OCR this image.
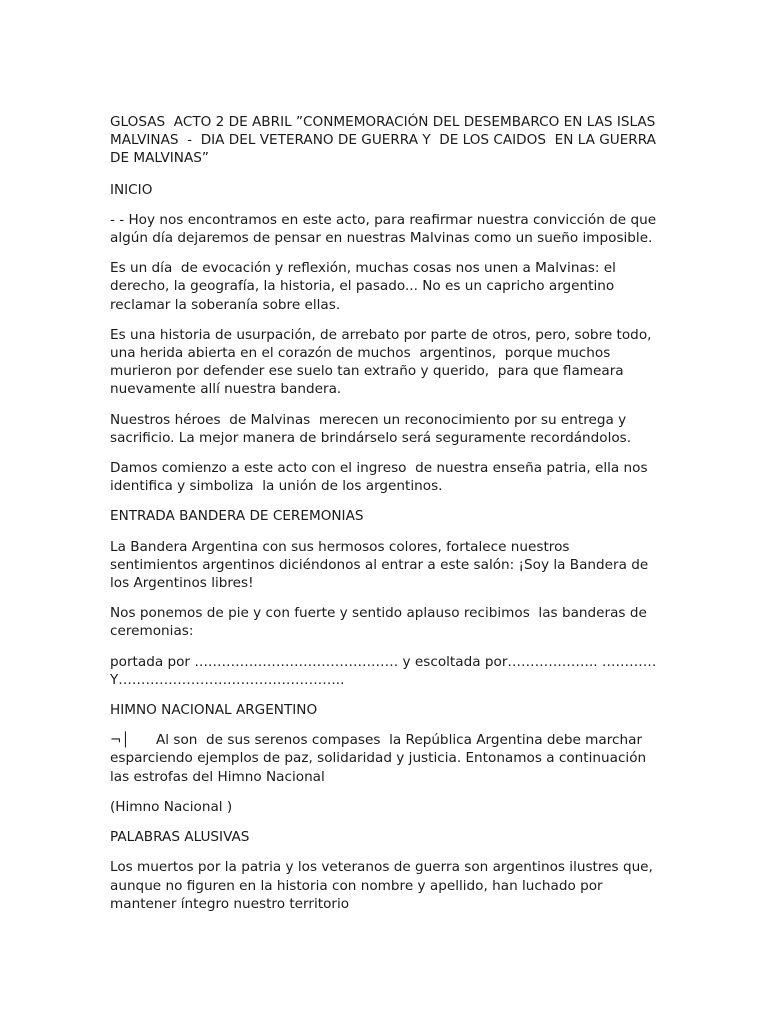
GLOSAS  ACTO 2 DE ABRIL ”CONMEMORACIÓN DEL DESEMBARCO EN LAS ISLAS MALVINAS  -  DIA DEL VETERANO DE GUERRA Y  DE LOS CAIDOS  EN LA GUERRA DE MALVINAS”

INICIO

- - Hoy nos encontramos en este acto, para reafirmar nuestra convicción de que algún día dejaremos de pensar en nuestras Malvinas como un sueño imposible.

Es un día  de evocación y reflexión, muchas cosas nos unen a Malvinas: el derecho, la geografía, la historia, el pasado... No es un capricho argentino reclamar la soberanía sobre ellas.

Es una historia de usurpación, de arrebato por parte de otros, pero, sobre todo, una herida abierta en el corazón de muchos  argentinos,  porque muchos murieron por defender ese suelo tan extraño y querido,  para que flameara nuevamente allí nuestra bandera.

Nuestros héroes  de Malvinas  merecen un reconocimiento por su entrega y sacrificio. La mejor manera de brindárselo será seguramente recordándolos.

Damos comienzo a este acto con el ingreso  de nuestra enseña patria, ella nos identifica y simboliza  la unión de los argentinos.

ENTRADA BANDERA DE CEREMONIAS

La Bandera Argentina con sus hermosos colores, fortalece nuestros sentimientos argentinos diciéndonos al entrar a este salón: ¡Soy la Bandera de los Argentinos libres!

Nos ponemos de pie y con fuerte y sentido aplauso recibimos  las banderas de ceremonias:

portada por ……………………………………… y escoltada por……………….. …………Y…………………………………………..

HIMNO NACIONAL ARGENTINO

¬│ Al son  de sus serenos compases  la República Argentina debe marchar esparciendo ejemplos de paz, solidaridad y justicia. Entonamos a continuación las estrofas del Himno Nacional

(Himno Nacional )

PALABRAS ALUSIVAS

Los muertos por la patria y los veteranos de guerra son argentinos ilustres que, aunque no figuren en la historia con nombre y apellido, han luchado por mantener íntegro nuestro territorio
